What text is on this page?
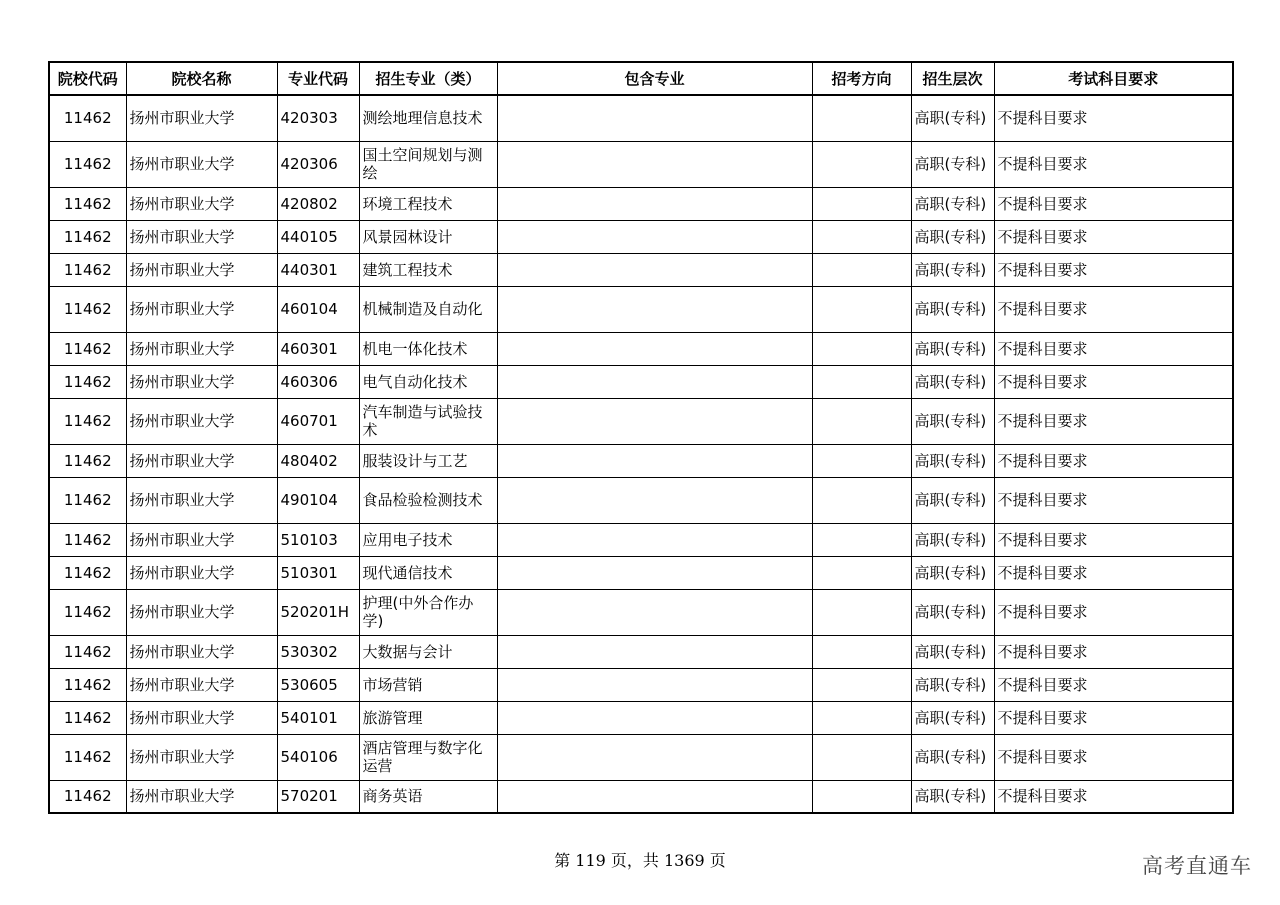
院校代码	院校名称	专业代码	招生专业（类）	包含专业	招考方向	招生层次	考试科目要求
11462	扬州市职业大学	420303	测绘地理信息技术			高职(专科)	不提科目要求
11462	扬州市职业大学	420306	国土空间规划与测绘			高职(专科)	不提科目要求
11462	扬州市职业大学	420802	环境工程技术			高职(专科)	不提科目要求
11462	扬州市职业大学	440105	风景园林设计			高职(专科)	不提科目要求
11462	扬州市职业大学	440301	建筑工程技术			高职(专科)	不提科目要求
11462	扬州市职业大学	460104	机械制造及自动化			高职(专科)	不提科目要求
11462	扬州市职业大学	460301	机电一体化技术			高职(专科)	不提科目要求
11462	扬州市职业大学	460306	电气自动化技术			高职(专科)	不提科目要求
11462	扬州市职业大学	460701	汽车制造与试验技术			高职(专科)	不提科目要求
11462	扬州市职业大学	480402	服装设计与工艺			高职(专科)	不提科目要求
11462	扬州市职业大学	490104	食品检验检测技术			高职(专科)	不提科目要求
11462	扬州市职业大学	510103	应用电子技术			高职(专科)	不提科目要求
11462	扬州市职业大学	510301	现代通信技术			高职(专科)	不提科目要求
11462	扬州市职业大学	520201H	护理(中外合作办学)			高职(专科)	不提科目要求
11462	扬州市职业大学	530302	大数据与会计			高职(专科)	不提科目要求
11462	扬州市职业大学	530605	市场营销			高职(专科)	不提科目要求
11462	扬州市职业大学	540101	旅游管理			高职(专科)	不提科目要求
11462	扬州市职业大学	540106	酒店管理与数字化运营			高职(专科)	不提科目要求
11462	扬州市职业大学	570201	商务英语			高职(专科)	不提科目要求
第 119 页，共 1369 页	高考直通车
